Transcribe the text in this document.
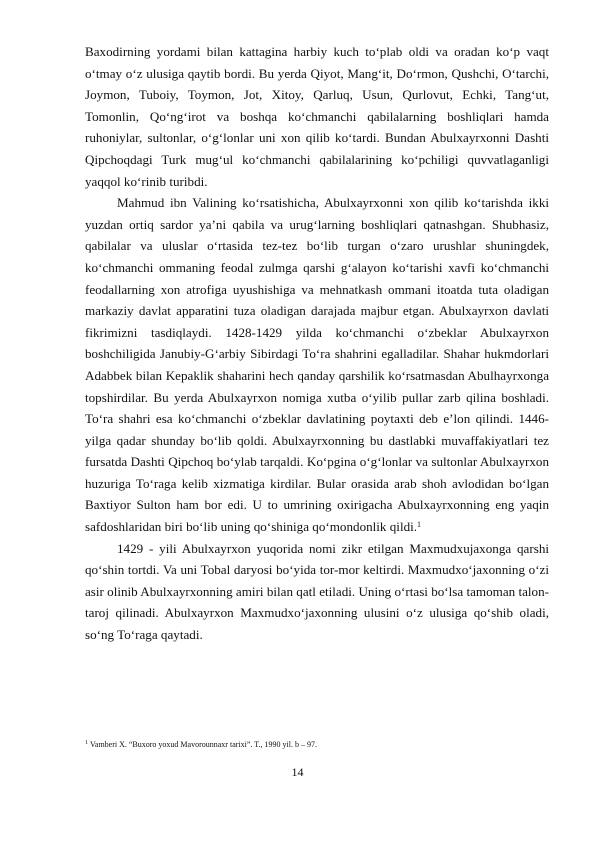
Baxodirning yordami bilan kattagina harbiy kuch to‘plab oldi va oradan ko‘p vaqt o‘tmay o‘z ulusiga qaytib bordi. Bu yerda Qiyot, Mang‘it, Do‘rmon, Qushchi, O‘tarchi, Joymon, Tuboiy, Toymon, Jot, Xitoy, Qarluq, Usun, Qurlovut, Echki, Tang‘ut, Tomonlin, Qo‘ng‘irot va boshqa ko‘chmanchi qabilalarning boshliqlari hamda ruhoniylar, sultonlar, o‘g‘lonlar uni xon qilib ko‘tardi. Bundan Abulxayrxonni Dashti Qipchoqdagi Turk mug‘ul ko‘chmanchi qabilalarining ko‘pchiligi quvvatlaganligi yaqqol ko‘rinib turibdi.

Mahmud ibn Valining ko‘rsatishicha, Abulxayrxonni xon qilib ko‘tarishda ikki yuzdan ortiq sardor ya’ni qabila va urug‘larning boshliqlari qatnashgan. Shubhasiz, qabilalar va uluslar o‘rtasida tez-tez bo‘lib turgan o‘zaro urushlar shuningdek, ko‘chmanchi ommaning feodal zulmga qarshi g‘alayon ko‘tarishi xavfi ko‘chmanchi feodallarning xon atrofiga uyushishiga va mehnatkash ommani itoatda tuta oladigan markaziy davlat apparatini tuza oladigan darajada majbur etgan. Abulxayrxon davlati fikrimizni tasdiqlaydi. 1428-1429 yilda ko‘chmanchi o‘zbeklar Abulxayrxon boshchiligida Janubiy-G‘arbiy Sibirdagi To‘ra shahrini egalladilar. Shahar hukmdorlari Adabbek bilan Kepaklik shaharini hech qanday qarshilik ko‘rsatmasdan Abulhayrxonga topshirdilar. Bu yerda Abulxayrxon nomiga xutba o‘yilib pullar zarb qilina boshladi. To‘ra shahri esa ko‘chmanchi o‘zbeklar davlatining poytaxti deb e’lon qilindi. 1446-yilga qadar shunday bo‘lib qoldi. Abulxayrxonning bu dastlabki muvaffakiyatlari tez fursatda Dashti Qipchoq bo‘ylab tarqaldi. Ko‘pgina o‘g‘lonlar va sultonlar Abulxayrxon huzuriga To‘raga kelib xizmatiga kirdilar. Bular orasida arab shoh avlodidan bo‘lgan Baxtiyor Sulton ham bor edi. U to umrining oxirigacha Abulxayrxonning eng yaqin safdoshlaridan biri bo‘lib uning qo‘shiniga qo‘mondonlik qildi.$^1$

1429 - yili Abulxayrxon yuqorida nomi zikr etilgan Maxmudxujaxonga qarshi qo‘shin tortdi. Va uni Tobal daryosi bo‘yida tor-mor keltirdi. Maxmudxo‘jaxonning o‘zi asir olinib Abulxayrxonning amiri bilan qatl etiladi. Uning o‘rtasi bo‘lsa tamoman talon-taroj qilinadi. Abulxayrxon Maxmudxo‘jaxonning ulusini o‘z ulusiga qo‘shib oladi, so‘ng To‘raga qaytadi.

$^1$ Vamberi X. “Buxoro yoxud Mavorounnaxr tarixi”. T., 1990 yil. b – 97.
14
